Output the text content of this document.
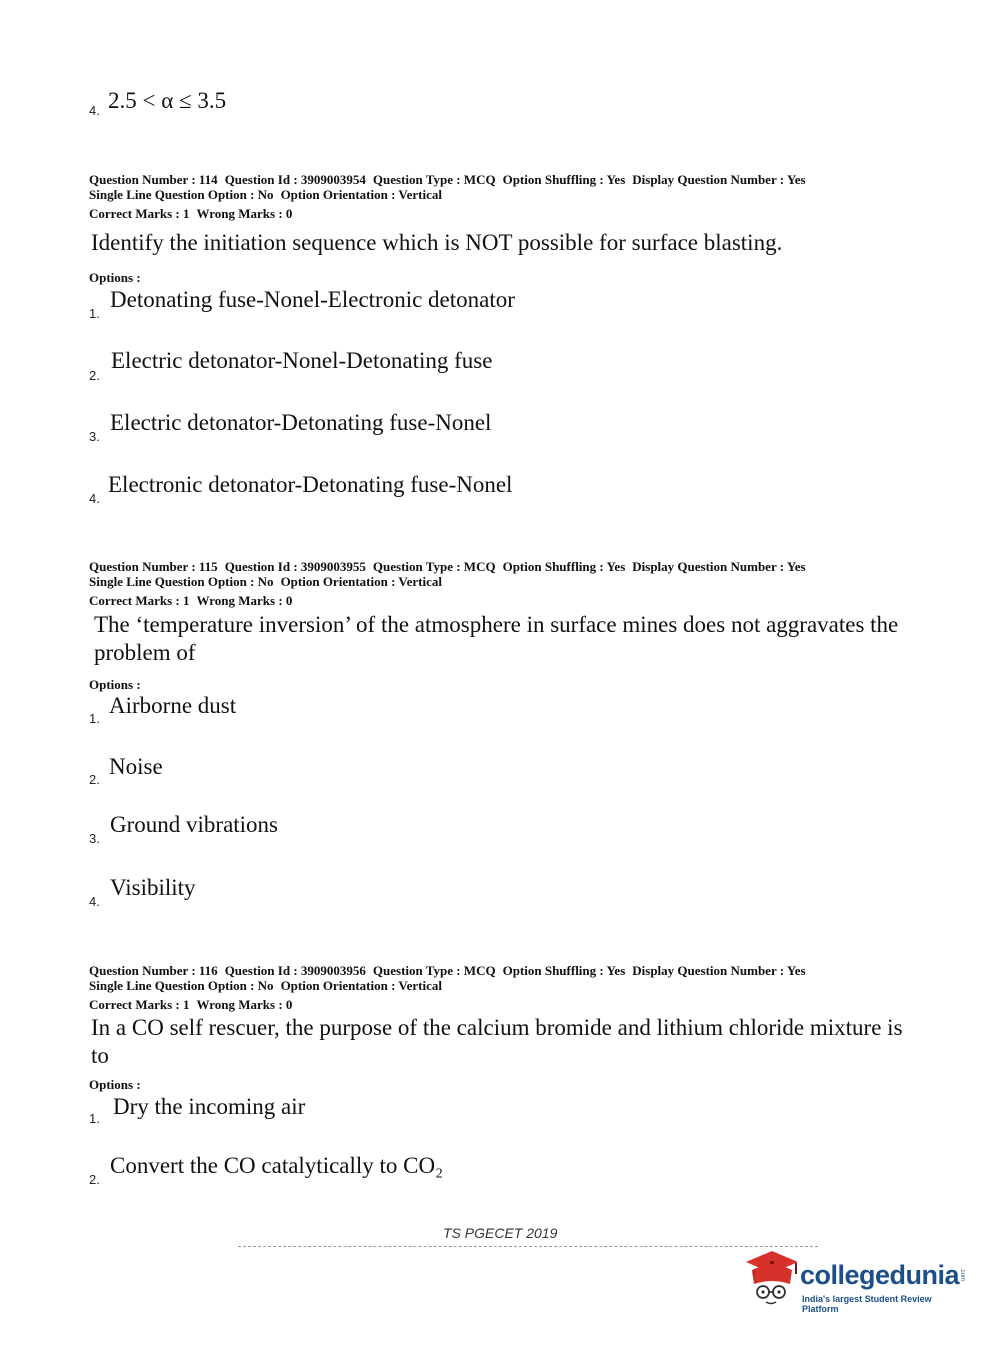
4. 2.5 < α ≤ 3.5
Question Number : 114 Question Id : 3909003954 Question Type : MCQ Option Shuffling : Yes Display Question Number : Yes
Single Line Question Option : No Option Orientation : Vertical
Correct Marks : 1 Wrong Marks : 0
Identify the initiation sequence which is NOT possible for surface blasting.
Options :
1.
Detonating fuse-Nonel-Electronic detonator
2.
Electric detonator-Nonel-Detonating fuse
3.
Electric detonator-Detonating fuse-Nonel
4.
Electronic detonator-Detonating fuse-Nonel
Question Number : 115 Question Id : 3909003955 Question Type : MCQ Option Shuffling : Yes Display Question Number : Yes
Single Line Question Option : No Option Orientation : Vertical
Correct Marks : 1 Wrong Marks : 0
The ‘temperature inversion’ of the atmosphere in surface mines does not aggravates the problem of
Options :
1.
Airborne dust
2.
Noise
3.
Ground vibrations
4.
Visibility
Question Number : 116 Question Id : 3909003956 Question Type : MCQ Option Shuffling : Yes Display Question Number : Yes
Single Line Question Option : No Option Orientation : Vertical
Correct Marks : 1 Wrong Marks : 0
In a CO self rescuer, the purpose of the calcium bromide and lithium chloride mixture is to
Options :
1. Dry the incoming air
2.
Convert the CO catalytically to CO₂
TS PGECET 2019
collegedunia .com
India's largest Student Review Platform
